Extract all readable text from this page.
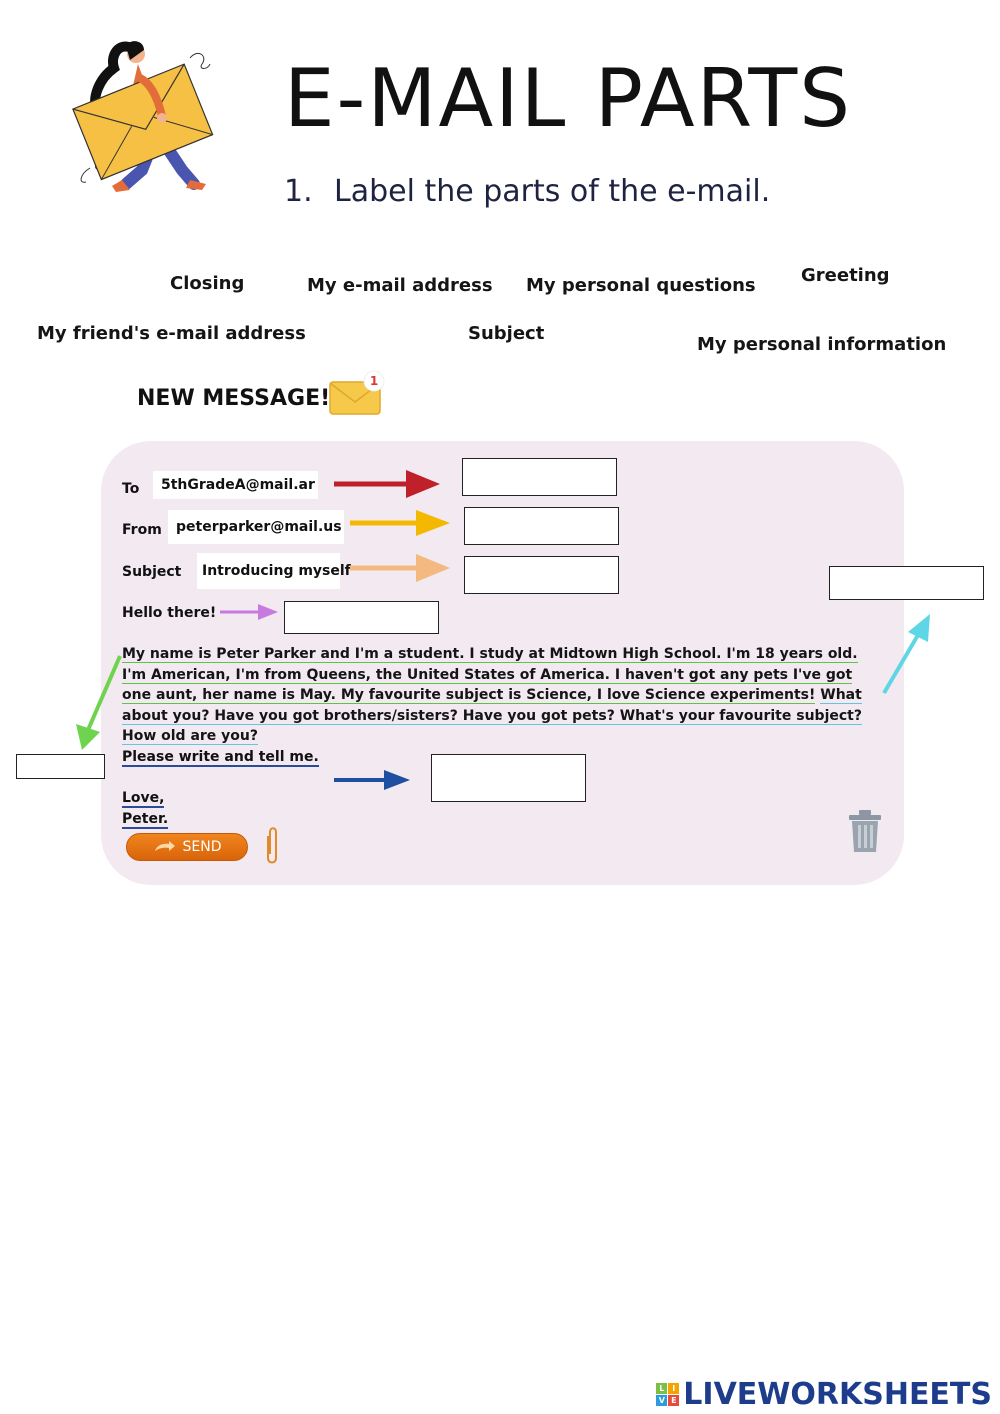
E-MAIL PARTS
1. Label the parts of the e-mail.
Closing	My e-mail address My personal questions	Greeting
My friend's e-mail address	Subject
My personal information
NEW MESSAGE!
1
To	5thGradeA@mail.ar
From	peterparker@mail.us
Subject	Introducing myself
Hello there!
My name is Peter Parker and I'm a student. I study at Midtown High School. I'm 18 years old. I'm American, I'm from Queens, the United States of America. I haven't got any pets I've got one aunt, her name is May. My favourite subject is Science, I love Science experiments! What about you? Have you got brothers/sisters? Have you got pets? What's your favourite subject? How old are you?
Please write and tell me.
Love,
Peter.
SEND
L I
V E LIVEWORKSHEETS
